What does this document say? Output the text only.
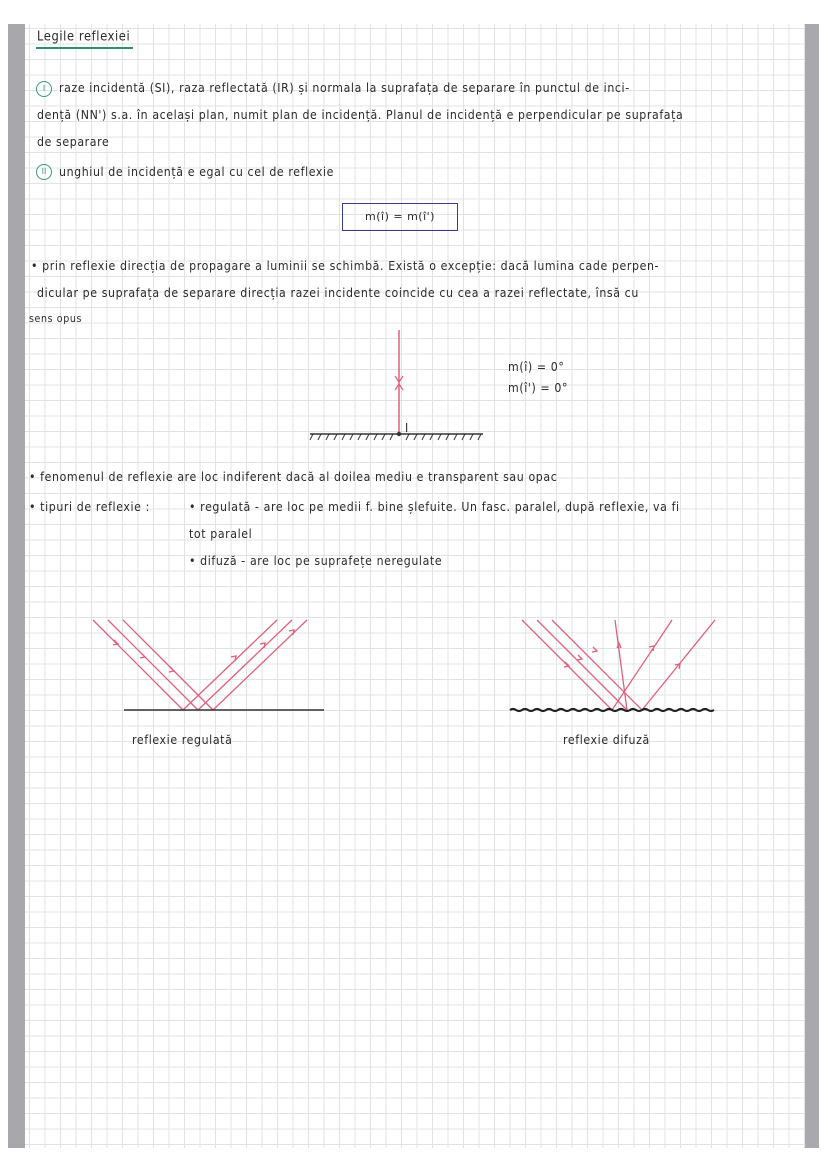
Legile reflexiei
I	raze incidentă (SI), raza reflectată (IR) și normala la suprafața de separare în punctul de inci-
dență (NN') s.a. în același plan, numit plan de incidență. Planul de incidență e perpendicular pe suprafața
de separare
II	unghiul de incidență e egal cu cel de reflexie
m(î) = m(î')
• prin reflexie direcția de propagare a luminii se schimbă. Există o excepție: dacă lumina cade perpen-
dicular pe suprafața de separare direcția razei incidente coincide cu cea a razei reflectate, însă cu
sens opus
I
m(î) = 0°
m(î') = 0°
• fenomenul de reflexie are loc indiferent dacă al doilea mediu e transparent sau opac
• tipuri de reflexie :	• regulată - are loc pe medii f. bine șlefuite. Un fasc. paralel, după reflexie, va fi
tot paralel
• difuză - are loc pe suprafețe neregulate
reflexie regulată	reflexie difuză
